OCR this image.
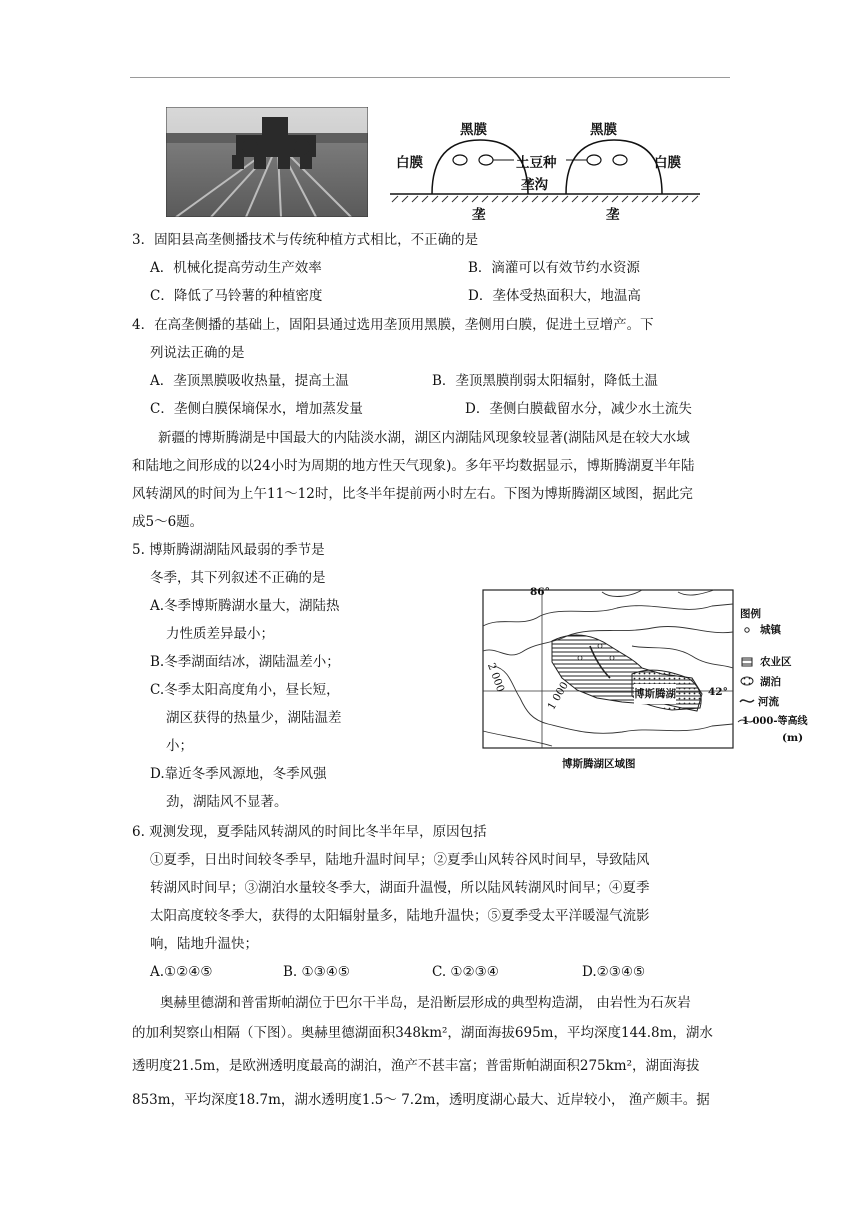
黑膜	黑膜
白膜	白膜
土豆种
垄沟
垄	垄
3．固阳县高垄侧播技术与传统种植方式相比，不正确的是
A．机械化提高劳动生产效率	B．滴灌可以有效节约水资源
C．降低了马铃薯的种植密度	D．垄体受热面积大，地温高
4．在高垄侧播的基础上，固阳县通过选用垄顶用黑膜，垄侧用白膜，促进土豆增产。下
列说法正确的是
A．垄顶黑膜吸收热量，提高土温	B．垄顶黑膜削弱太阳辐射，降低土温
C．垄侧白膜保墒保水，增加蒸发量	D．垄侧白膜截留水分，减少水土流失
新疆的博斯腾湖是中国最大的内陆淡水湖，湖区内湖陆风现象较显著(湖陆风是在较大水域
和陆地之间形成的以24小时为周期的地方性天气现象)。多年平均数据显示，博斯腾湖夏半年陆
风转湖风的时间为上午11～12时，比冬半年提前两小时左右。下图为博斯腾湖区域图，据此完
成5～6题。
5. 博斯腾湖湖陆风最弱的季节是
冬季，其下列叙述不正确的是
A.冬季博斯腾湖水量大，湖陆热
力性质差异最小；
B.冬季湖面结冰，湖陆温差小；
C.冬季太阳高度角小，昼长短，
湖区获得的热量少，湖陆温差
小；
D.靠近冬季风源地，冬季风强
劲，湖陆风不显著。
86°
42°
2 000
1 000	博斯腾湖
图例
城镇
农业区
湖泊
河流
1 000-等高线
(m)
博斯腾湖区域图
6. 观测发现，夏季陆风转湖风的时间比冬半年早，原因包括
①夏季，日出时间较冬季早，陆地升温时间早；②夏季山风转谷风时间早，导致陆风
转湖风时间早；③湖泊水量较冬季大，湖面升温慢，所以陆风转湖风时间早；④夏季
太阳高度较冬季大，获得的太阳辐射量多，陆地升温快；⑤夏季受太平洋暖湿气流影
响，陆地升温快；
A.①②④⑤	B. ①③④⑤	C. ①②③④	D.②③④⑤
奥赫里德湖和普雷斯帕湖位于巴尔干半岛，是沿断层形成的典型构造湖， 由岩性为石灰岩
的加利契察山相隔（下图）。奥赫里德湖面积348km²，湖面海拔695m，平均深度144.8m，湖水
透明度21.5m，是欧洲透明度最高的湖泊，渔产不甚丰富；普雷斯帕湖面积275km²，湖面海拔
853m，平均深度18.7m，湖水透明度1.5～ 7.2m，透明度湖心最大、近岸较小， 渔产颇丰。据
